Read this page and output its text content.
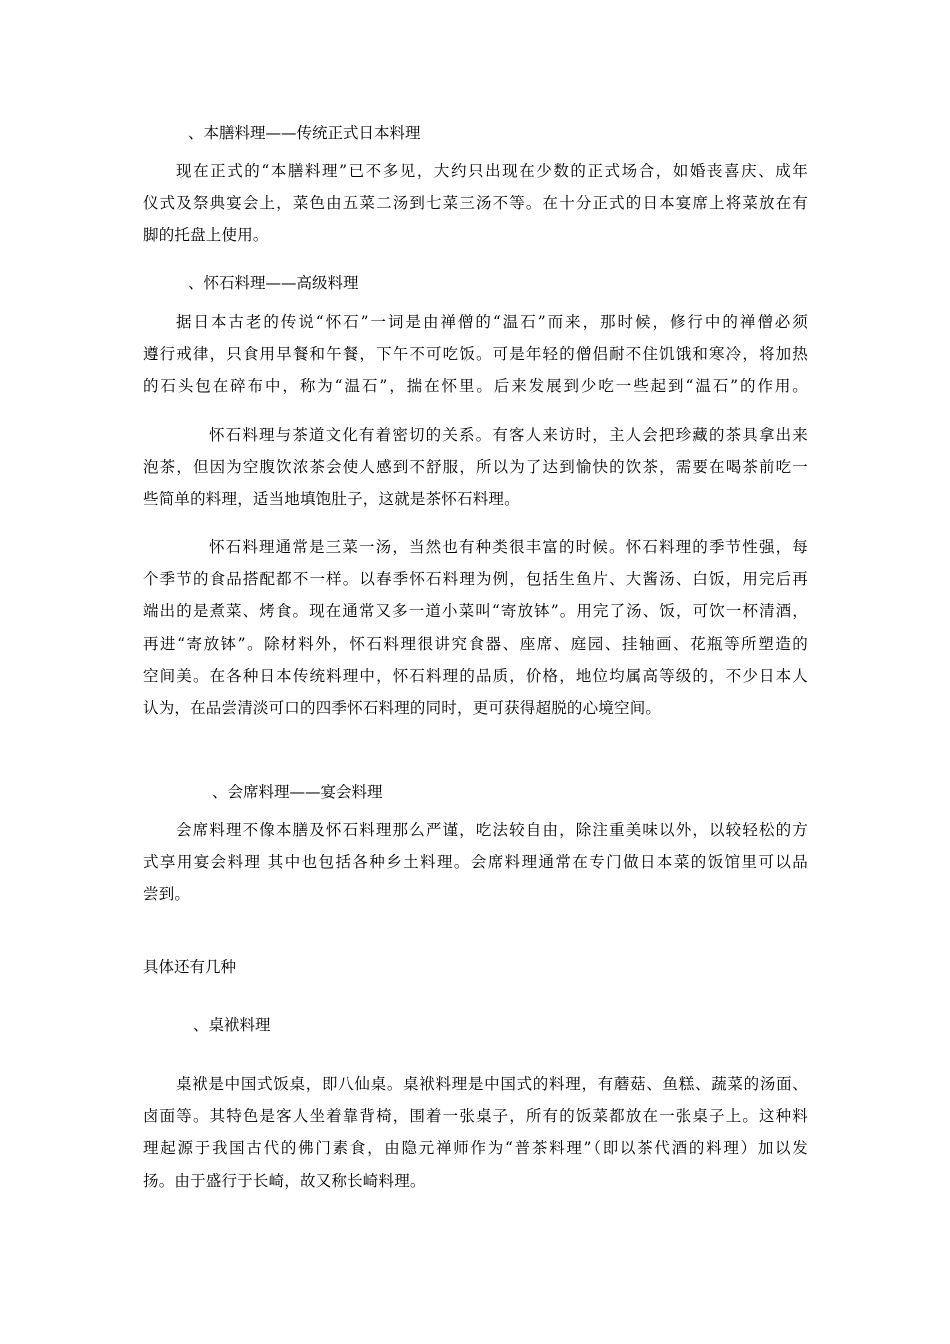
、本膳料理——传统正式日本料理
现在正式的“本膳料理”已不多见，大约只出现在少数的正式场合，如婚丧喜庆、成年
仪式及祭典宴会上，菜色由五菜二汤到七菜三汤不等。在十分正式的日本宴席上将菜放在有
脚的托盘上使用。
、怀石料理——高级料理
据日本古老的传说“怀石”一词是由禅僧的“温石”而来，那时候，修行中的禅僧必须
遵行戒律，只食用早餐和午餐，下午不可吃饭。可是年轻的僧侣耐不住饥饿和寒冷，将加热
的石头包在碎布中，称为“温石”，揣在怀里。后来发展到少吃一些起到“温石”的作用。
怀石料理与茶道文化有着密切的关系。有客人来访时，主人会把珍藏的茶具拿出来
泡茶，但因为空腹饮浓茶会使人感到不舒服，所以为了达到愉快的饮茶，需要在喝茶前吃一
些简单的料理，适当地填饱肚子，这就是茶怀石料理。
怀石料理通常是三菜一汤，当然也有种类很丰富的时候。怀石料理的季节性强，每
个季节的食品搭配都不一样。以春季怀石料理为例，包括生鱼片、大酱汤、白饭，用完后再
端出的是煮菜、烤食。现在通常又多一道小菜叫“寄放钵”。用完了汤、饭，可饮一杯清酒，
再进“寄放钵”。除材料外，怀石料理很讲究食器、座席、庭园、挂轴画、花瓶等所塑造的
空间美。在各种日本传统料理中，怀石料理的品质，价格，地位均属高等级的，不少日本人
认为，在品尝清淡可口的四季怀石料理的同时，更可获得超脱的心境空间。
、会席料理——宴会料理
会席料理不像本膳及怀石料理那么严谨，吃法较自由，除注重美味以外，以较轻松的方
式享用宴会料理 其中也包括各种乡土料理。会席料理通常在专门做日本菜的饭馆里可以品
尝到。
具体还有几种
、桌袱料理
桌袱是中国式饭桌，即八仙桌。桌袱料理是中国式的料理，有蘑菇、鱼糕、蔬菜的汤面、
卤面等。其特色是客人坐着靠背椅，围着一张桌子，所有的饭菜都放在一张桌子上。这种料
理起源于我国古代的佛门素食，由隐元禅师作为“普茶料理”（即以茶代酒的料理）加以发
扬。由于盛行于长崎，故又称长崎料理。
